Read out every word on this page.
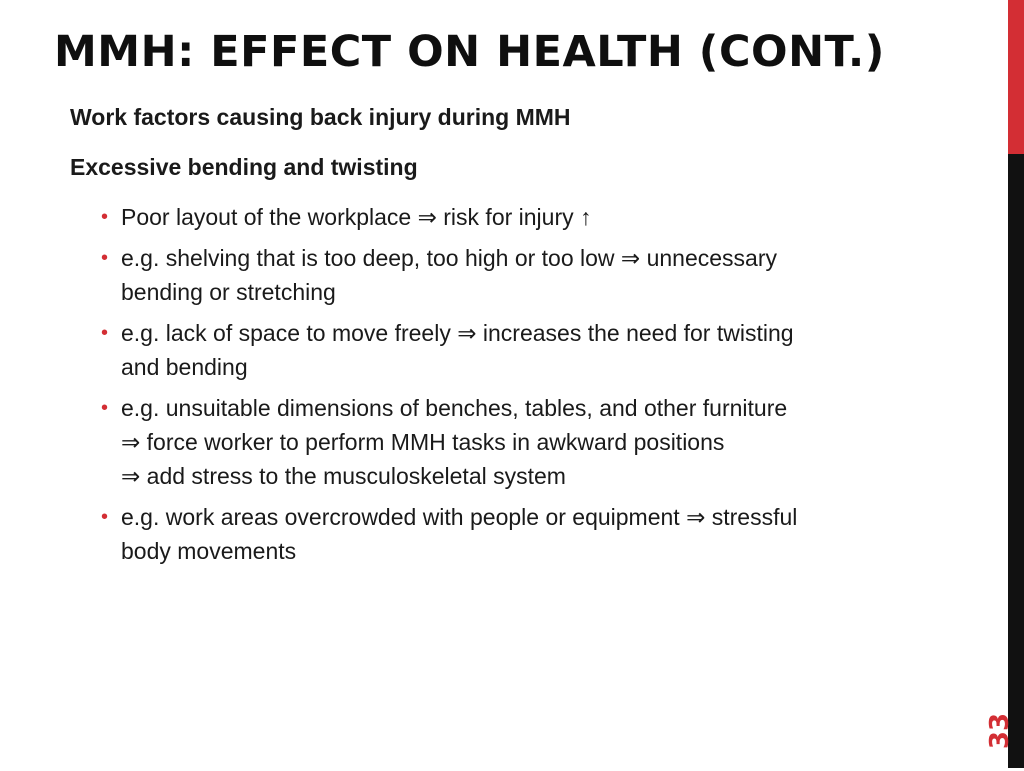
MMH: EFFECT ON HEALTH (CONT.)

Work factors causing back injury during MMH

Excessive bending and twisting

• Poor layout of the workplace ⇒ risk for injury ↑
• e.g. shelving that is too deep, too high or too low ⇒ unnecessary
bending or stretching
• e.g. lack of space to move freely ⇒ increases the need for twisting
and bending
• e.g. unsuitable dimensions of benches, tables, and other furniture
⇒ force worker to perform MMH tasks in awkward positions
⇒ add stress to the musculoskeletal system
• e.g. work areas overcrowded with people or equipment ⇒ stressful
body movements
33
